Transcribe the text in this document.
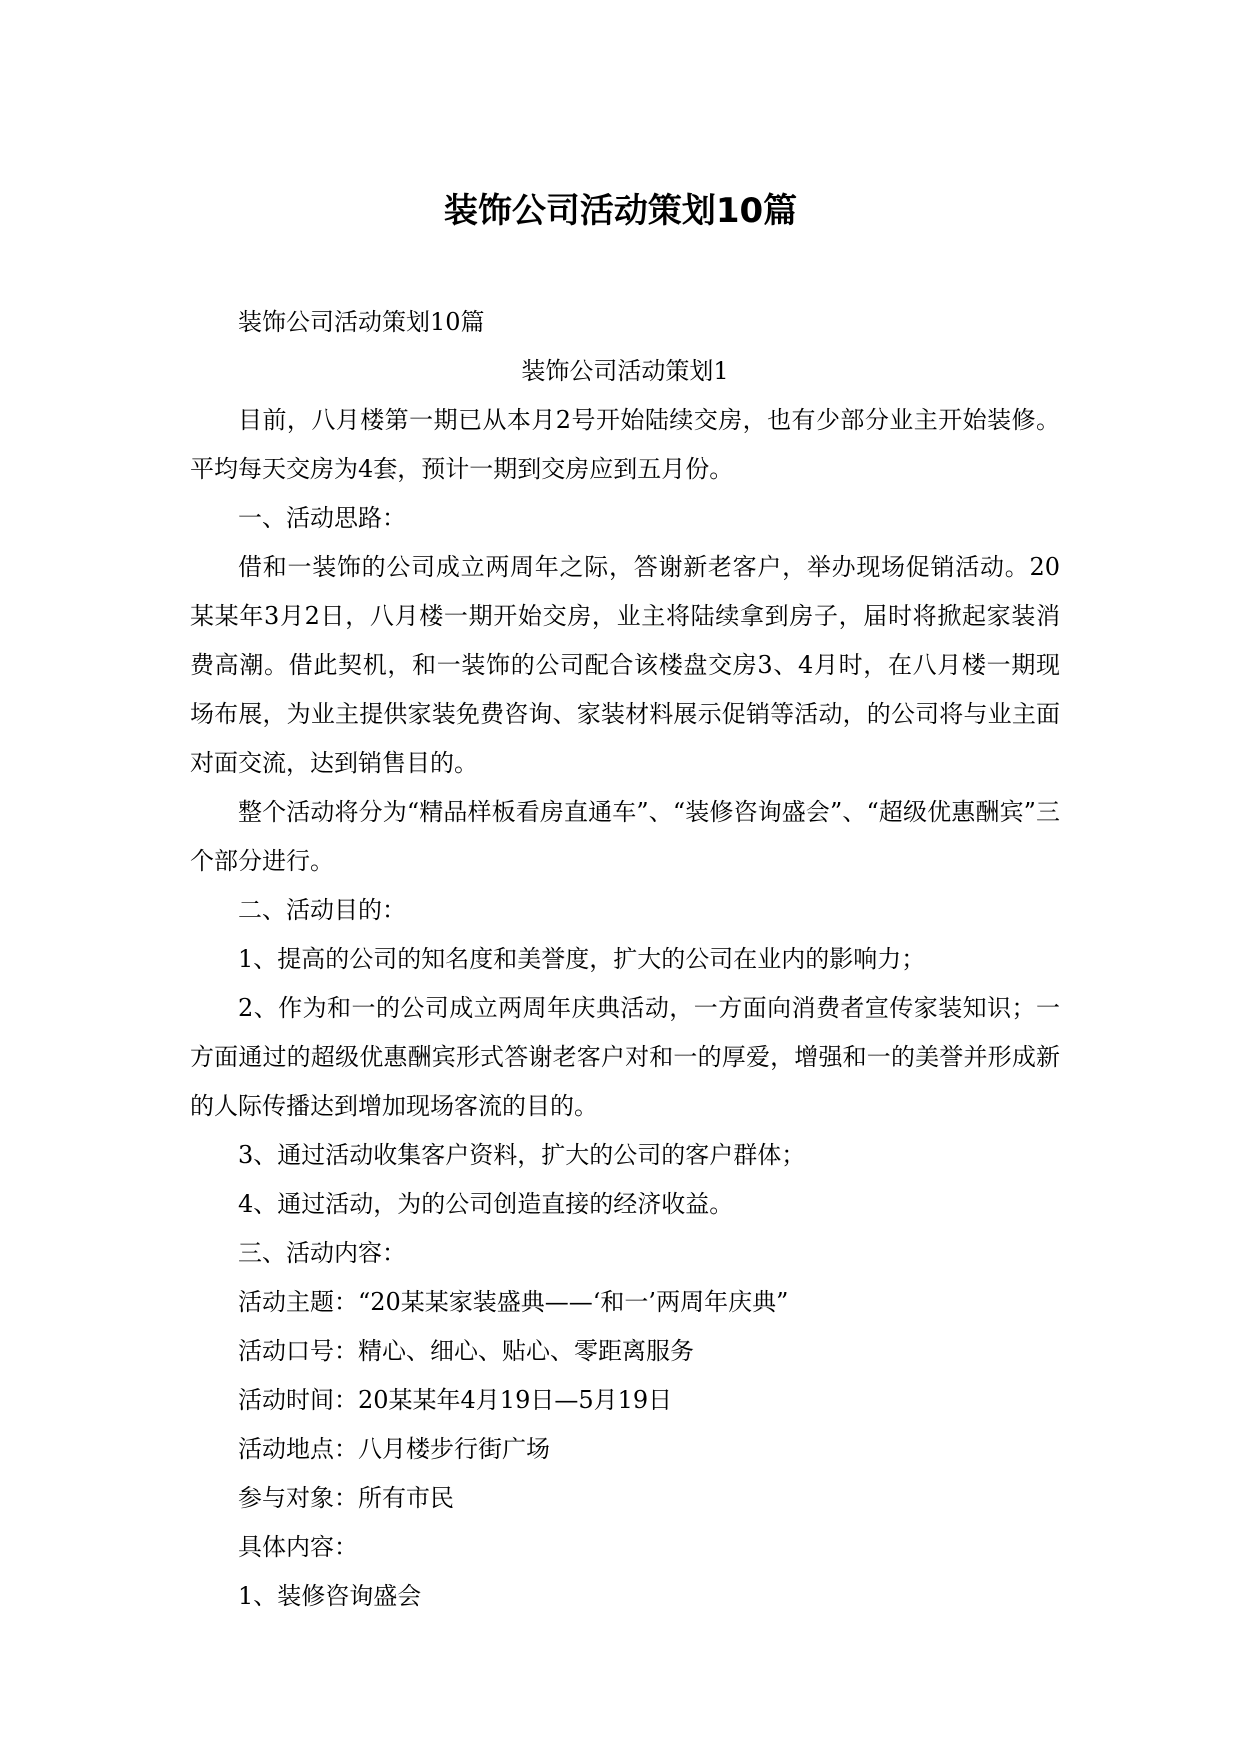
装饰公司活动策划10篇

装饰公司活动策划10篇

装饰公司活动策划1

目前，八月楼第一期已从本月2号开始陆续交房，也有少部分业主开始装修。平均每天交房为4套，预计一期到交房应到五月份。

一、活动思路：

借和一装饰的公司成立两周年之际，答谢新老客户，举办现场促销活动。20某某年3月2日，八月楼一期开始交房，业主将陆续拿到房子，届时将掀起家装消费高潮。借此契机，和一装饰的公司配合该楼盘交房3、4月时，在八月楼一期现场布展，为业主提供家装免费咨询、家装材料展示促销等活动，的公司将与业主面对面交流，达到销售目的。

整个活动将分为“精品样板看房直通车”、“装修咨询盛会”、“超级优惠酬宾”三个部分进行。

二、活动目的：

1、提高的公司的知名度和美誉度，扩大的公司在业内的影响力；

2、作为和一的公司成立两周年庆典活动，一方面向消费者宣传家装知识；一方面通过的超级优惠酬宾形式答谢老客户对和一的厚爱，增强和一的美誉并形成新的人际传播达到增加现场客流的目的。

3、通过活动收集客户资料，扩大的公司的客户群体；

4、通过活动，为的公司创造直接的经济收益。

三、活动内容：

活动主题：“20某某家装盛典——‘和一’两周年庆典”

活动口号：精心、细心、贴心、零距离服务

活动时间：20某某年4月19日—5月19日

活动地点：八月楼步行街广场

参与对象：所有市民

具体内容：

1、装修咨询盛会
